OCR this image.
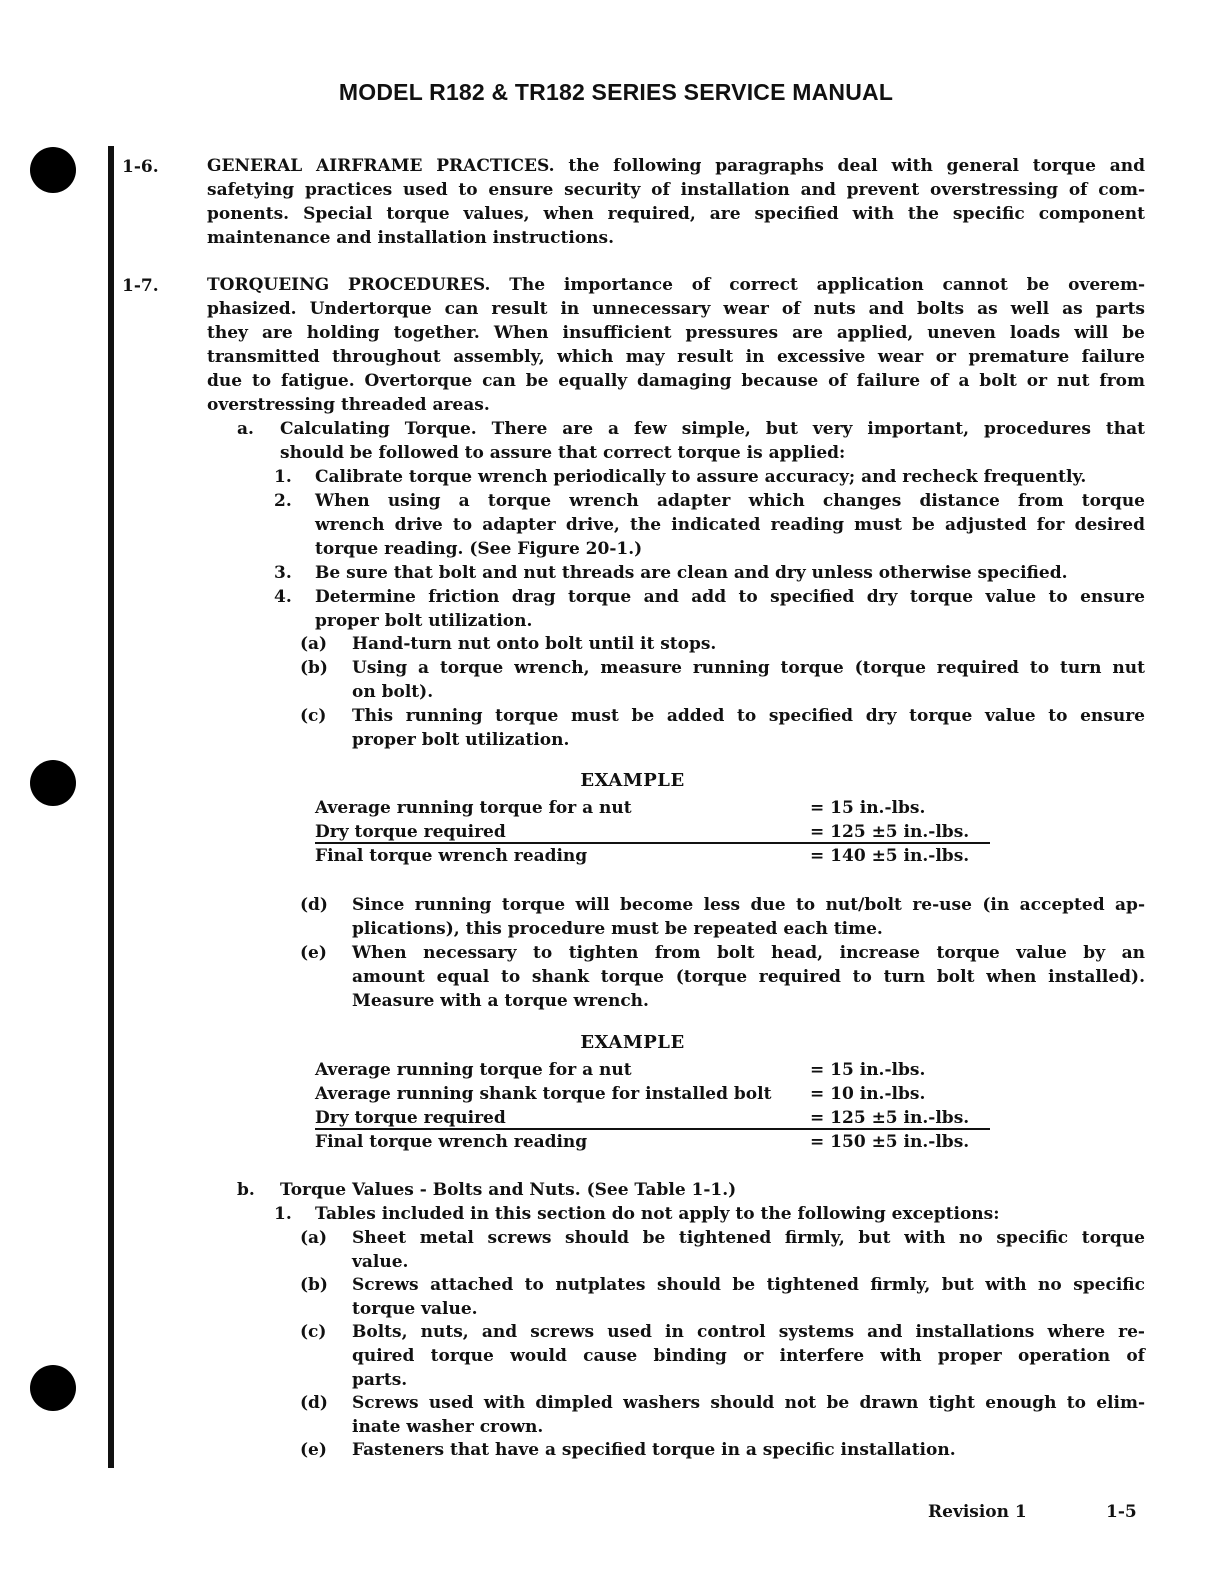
MODEL R182 & TR182 SERIES SERVICE MANUAL
1-6.	GENERAL AIRFRAME PRACTICES. the following paragraphs deal with general torque and

safetying practices used to ensure security of installation and prevent overstressing of com-

ponents. Special torque values, when required, are specified with the specific component

maintenance and installation instructions.

1-7.	TORQUEING PROCEDURES. The importance of correct application cannot be overem-

phasized. Undertorque can result in unnecessary wear of nuts and bolts as well as parts

they are holding together. When insufficient pressures are applied, uneven loads will be

transmitted throughout assembly, which may result in excessive wear or premature failure

due to fatigue. Overtorque can be equally damaging because of failure of a bolt or nut from

overstressing threaded areas.

a. Calculating Torque. There are a few simple, but very important, procedures that

should be followed to assure that correct torque is applied:

1. Calibrate torque wrench periodically to assure accuracy; and recheck frequently.
2. When using a torque wrench adapter which changes distance from torque

wrench drive to adapter drive, the indicated reading must be adjusted for desired

torque reading. (See Figure 20-1.)

3. Be sure that bolt and nut threads are clean and dry unless otherwise specified.
4. Determine friction drag torque and add to specified dry torque value to ensure

proper bolt utilization.

(a) Hand-turn nut onto bolt until it stops.
(b) Using a torque wrench, measure running torque (torque required to turn nut

on bolt).

(c) This running torque must be added to specified dry torque value to ensure

proper bolt utilization.

EXAMPLE
Average running torque for a nut	= 15 in.-lbs.
Dry torque required	= 125 ±5 in.-lbs.
Final torque wrench reading	= 140 ±5 in.-lbs.
(d) Since running torque will become less due to nut/bolt re-use (in accepted ap-

plications), this procedure must be repeated each time.

(e) When necessary to tighten from bolt head, increase torque value by an

amount equal to shank torque (torque required to turn bolt when installed).

Measure with a torque wrench.

EXAMPLE
Average running torque for a nut	= 15 in.-lbs.
Average running shank torque for installed bolt = 10 in.-lbs.
Dry torque required	= 125 ±5 in.-lbs.
Final torque wrench reading	= 150 ±5 in.-lbs.
b. Torque Values - Bolts and Nuts. (See Table 1-1.)
1. Tables included in this section do not apply to the following exceptions:
(a) Sheet metal screws should be tightened firmly, but with no specific torque

value.

(b) Screws attached to nutplates should be tightened firmly, but with no specific

torque value.

(c) Bolts, nuts, and screws used in control systems and installations where re-

quired torque would cause binding or interfere with proper operation of

parts.

(d) Screws used with dimpled washers should not be drawn tight enough to elim-

inate washer crown.

(e) Fasteners that have a specified torque in a specific installation.
Revision 1	1-5
